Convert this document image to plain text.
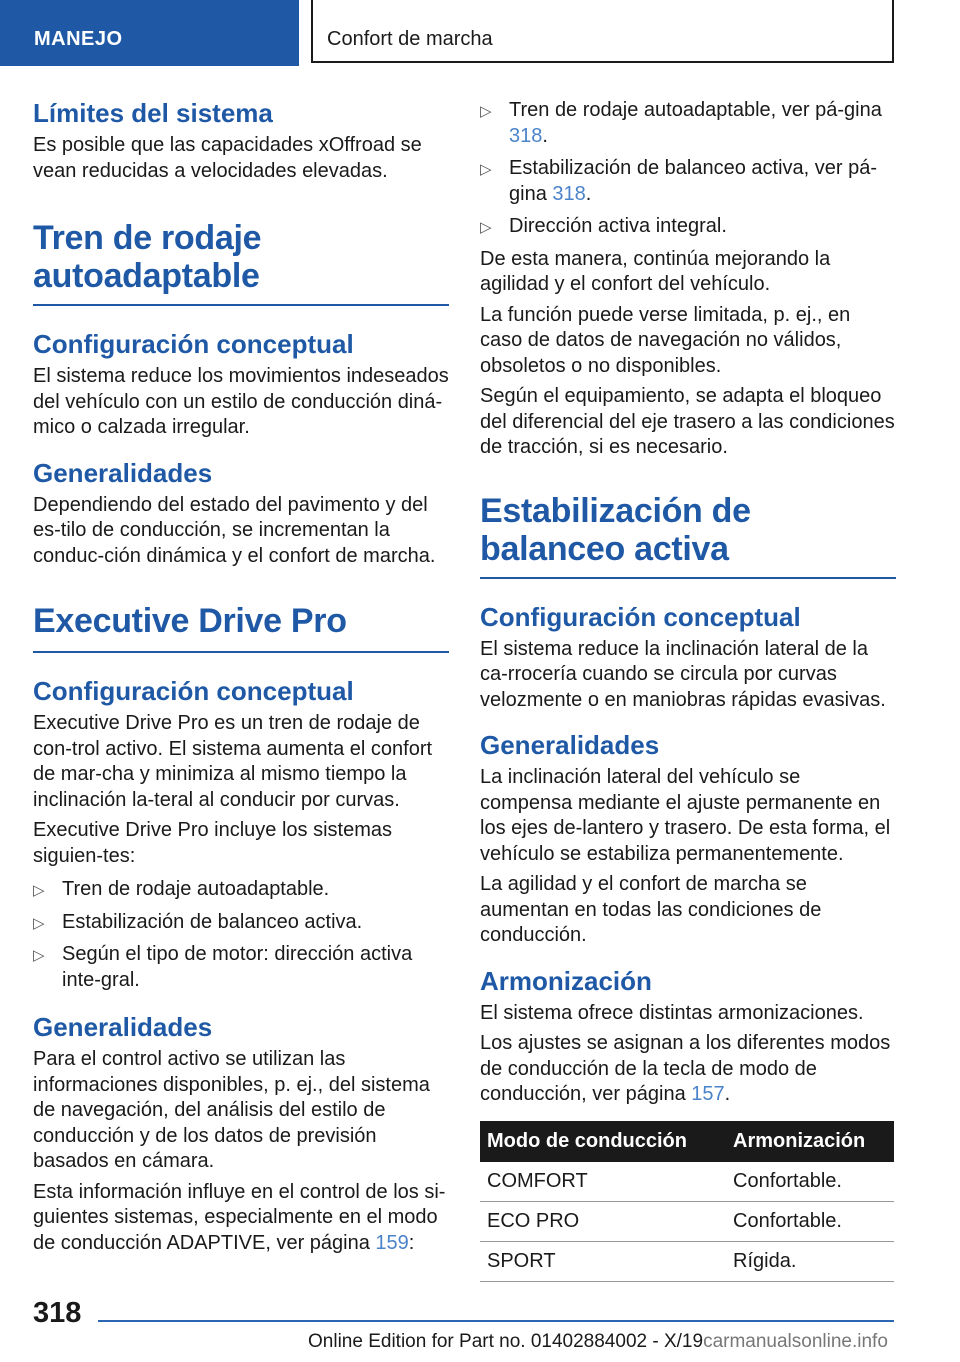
MANEJO	Confort de marcha
Límites del sistema

Es posible que las capacidades xOffroad se vean reducidas a velocidades elevadas.

Tren de rodaje autoadaptable
Configuración conceptual

El sistema reduce los movimientos indeseados del vehículo con un estilo de conducción diná-mico o calzada irregular.

Generalidades

Dependiendo del estado del pavimento y del es-tilo de conducción, se incrementan la conduc-ción dinámica y el confort de marcha.

Executive Drive Pro
Configuración conceptual

Executive Drive Pro es un tren de rodaje de con-trol activo. El sistema aumenta el confort de mar-cha y minimiza al mismo tiempo la inclinación la-teral al conducir por curvas.

Executive Drive Pro incluye los sistemas siguien-tes:

▷ Tren de rodaje autoadaptable.
▷ Estabilización de balanceo activa.
▷ Según el tipo de motor: dirección activa inte-gral.
Generalidades

Para el control activo se utilizan las informaciones disponibles, p. ej., del sistema de navegación, del análisis del estilo de conducción y de los datos de previsión basados en cámara.

Esta información influye en el control de los si-guientes sistemas, especialmente en el modo de conducción ADAPTIVE, ver página 159:

▷ Tren de rodaje autoadaptable, ver pá-gina 318.
▷ Estabilización de balanceo activa, ver pá-gina 318.
▷ Dirección activa integral.

De esta manera, continúa mejorando la agilidad y el confort del vehículo.

La función puede verse limitada, p. ej., en caso de datos de navegación no válidos, obsoletos o no disponibles.

Según el equipamiento, se adapta el bloqueo del diferencial del eje trasero a las condiciones de tracción, si es necesario.

Estabilización de balanceo activa
Configuración conceptual

El sistema reduce la inclinación lateral de la ca-rrocería cuando se circula por curvas velozmente o en maniobras rápidas evasivas.

Generalidades

La inclinación lateral del vehículo se compensa mediante el ajuste permanente en los ejes de-lantero y trasero. De esta forma, el vehículo se estabiliza permanentemente.

La agilidad y el confort de marcha se aumentan en todas las condiciones de conducción.

Armonización

El sistema ofrece distintas armonizaciones.

Los ajustes se asignan a los diferentes modos de conducción de la tecla de modo de conducción, ver página 157.

Modo de conducción	Armonización
COMFORT	Confortable.
ECO PRO	Confortable.
SPORT	Rígida.
318
Online Edition for Part no. 01402884002 - X/19carmanualsonline.info
